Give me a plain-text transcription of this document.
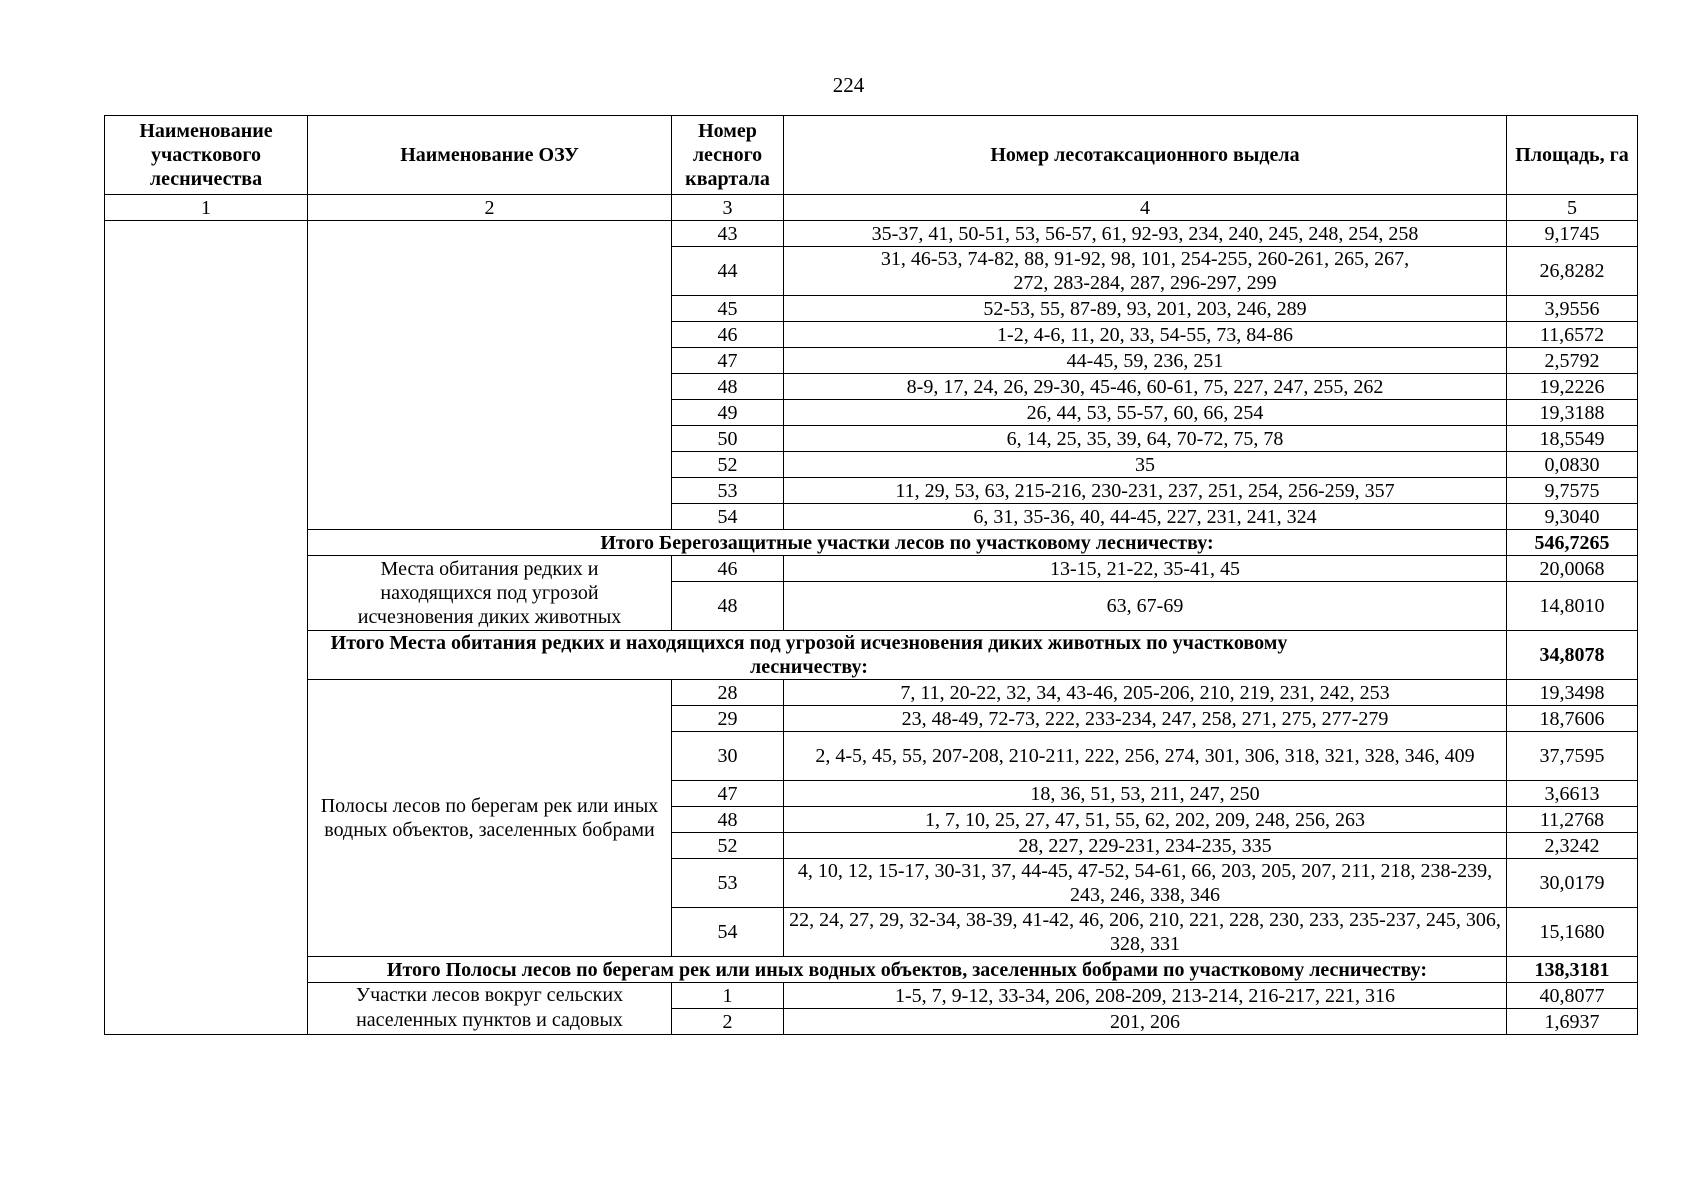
224
Наименование участкового лесничества	Наименование ОЗУ	Номер лесного квартала	Номер лесотаксационного выдела	Площадь, га
1	2	3	4	5
		43	35-37, 41, 50-51, 53, 56-57, 61, 92-93, 234, 240, 245, 248, 254, 258	9,1745
		44	31, 46-53, 74-82, 88, 91-92, 98, 101, 254-255, 260-261, 265, 267, 272, 283-284, 287, 296-297, 299	26,8282
		45	52-53, 55, 87-89, 93, 201, 203, 246, 289	3,9556
		46	1-2, 4-6, 11, 20, 33, 54-55, 73, 84-86	11,6572
		47	44-45, 59, 236, 251	2,5792
		48	8-9, 17, 24, 26, 29-30, 45-46, 60-61, 75, 227, 247, 255, 262	19,2226
		49	26, 44, 53, 55-57, 60, 66, 254	19,3188
		50	6, 14, 25, 35, 39, 64, 70-72, 75, 78	18,5549
		52	35	0,0830
		53	11, 29, 53, 63, 215-216, 230-231, 237, 251, 254, 256-259, 357	9,7575
		54	6, 31, 35-36, 40, 44-45, 227, 231, 241, 324	9,3040
	Итого Берегозащитные участки лесов по участковому лесничеству:			546,7265
	Места обитания редких и находящихся под угрозой исчезновения диких животных	46	13-15, 21-22, 35-41, 45	20,0068
		48	63, 67-69	14,8010
	Итого Места обитания редких и находящихся под угрозой исчезновения диких животных по участковому лесничеству:			34,8078
	Полосы лесов по берегам рек или иных водных объектов, заселенных бобрами	28	7, 11, 20-22, 32, 34, 43-46, 205-206, 210, 219, 231, 242, 253	19,3498
		29	23, 48-49, 72-73, 222, 233-234, 247, 258, 271, 275, 277-279	18,7606
		30	2, 4-5, 45, 55, 207-208, 210-211, 222, 256, 274, 301, 306, 318, 321, 328, 346, 409	37,7595
		47	18, 36, 51, 53, 211, 247, 250	3,6613
		48	1, 7, 10, 25, 27, 47, 51, 55, 62, 202, 209, 248, 256, 263	11,2768
		52	28, 227, 229-231, 234-235, 335	2,3242
		53	4, 10, 12, 15-17, 30-31, 37, 44-45, 47-52, 54-61, 66, 203, 205, 207, 211, 218, 238-239, 243, 246, 338, 346	30,0179
		54	22, 24, 27, 29, 32-34, 38-39, 41-42, 46, 206, 210, 221, 228, 230, 233, 235-237, 245, 306, 328, 331	15,1680
	Итого Полосы лесов по берегам рек или иных водных объектов, заселенных бобрами по участковому лесничеству:			138,3181
	Участки лесов вокруг сельских населенных пунктов и садовых	1	1-5, 7, 9-12, 33-34, 206, 208-209, 213-214, 216-217, 221, 316	40,8077
		2	201, 206	1,6937
